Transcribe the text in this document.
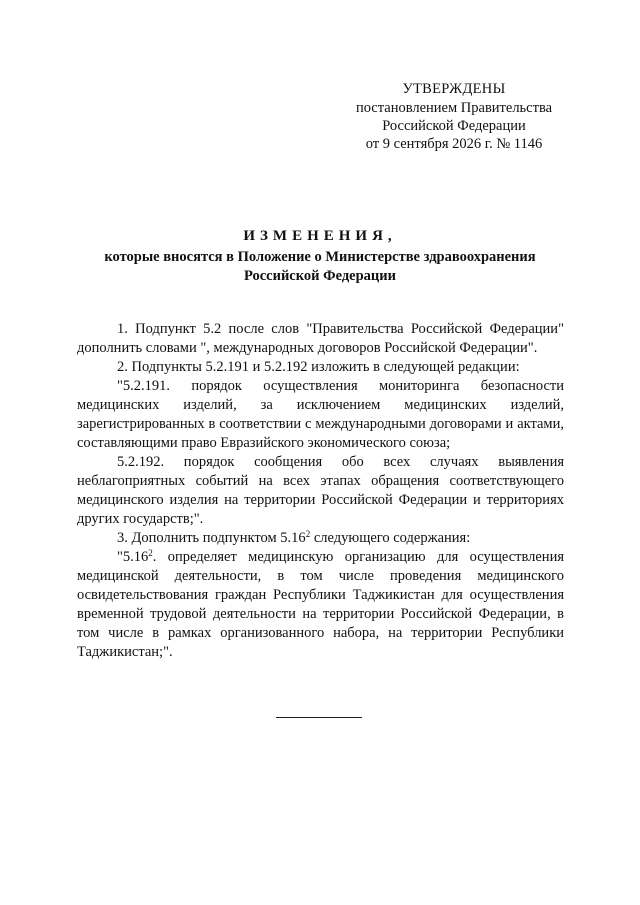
УТВЕРЖДЕНЫ
постановлением Правительства
Российской Федерации
от 9 сентября 2026 г. № 1146
ИЗМЕНЕНИЯ,
которые вносятся в Положение о Министерстве здравоохранения
Российской Федерации

1. Подпункт 5.2 после слов "Правительства Российской Федерации" дополнить словами ", международных договоров Российской Федерации".

2. Подпункты 5.2.191 и 5.2.192 изложить в следующей редакции:

"5.2.191. порядок осуществления мониторинга безопасности медицинских изделий, за исключением медицинских изделий, зарегистрированных в соответствии с международными договорами и актами, составляющими право Евразийского экономического союза;

5.2.192. порядок сообщения обо всех случаях выявления неблагоприятных событий на всех этапах обращения соответствующего медицинского изделия на территории Российской Федерации и территориях других государств;".

3. Дополнить подпунктом 5.16$^2$ следующего содержания:

"5.16$^2$. определяет медицинскую организацию для осуществления медицинской деятельности, в том числе проведения медицинского освидетельствования граждан Республики Таджикистан для осуществления временной трудовой деятельности на территории Российской Федерации, в том числе в рамках организованного набора, на территории Республики Таджикистан;".
